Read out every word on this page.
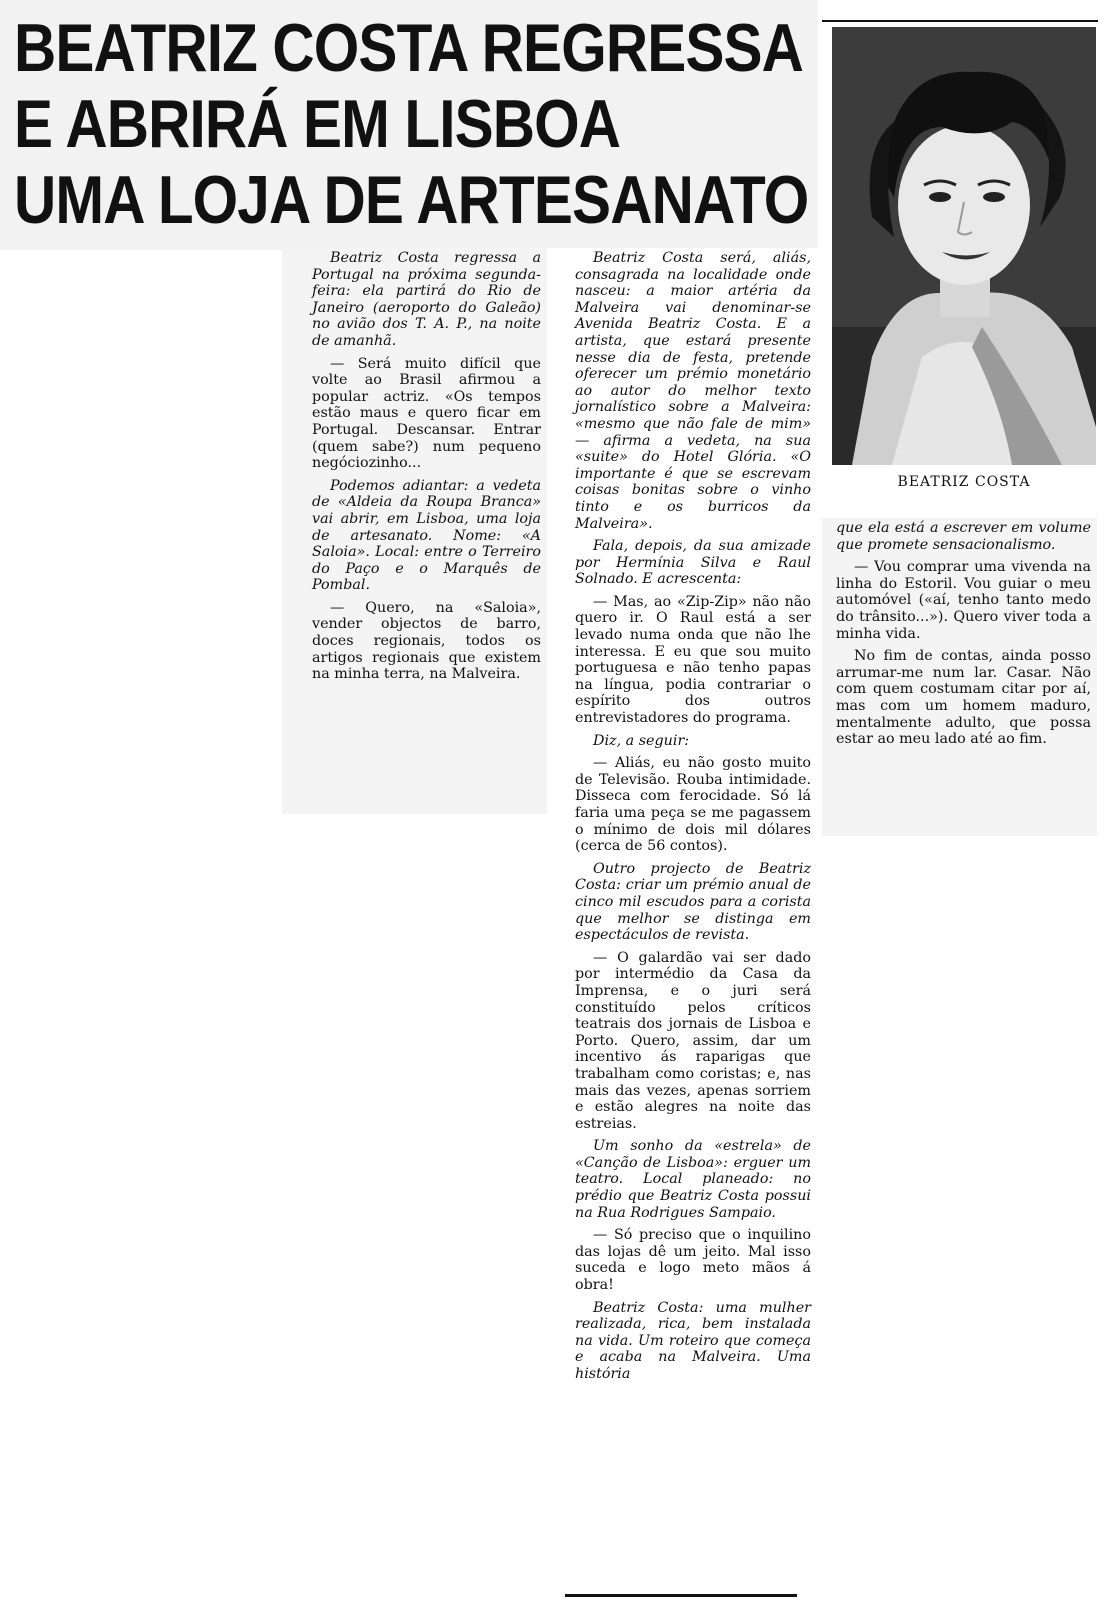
BEATRIZ COSTA REGRESSA
E ABRIRÁ EM LISBOA
UMA LOJA DE ARTESANATO
BEATRIZ COSTA

Beatriz Costa regressa a Portugal na próxima segunda-feira: ela partirá do Rio de Janeiro (aeroporto do Galeão) no avião dos T. A. P., na noite de amanhã.

— Será muito difícil que volte ao Brasil afirmou a popular actriz. «Os tempos estão maus e quero ficar em Portugal. Descansar. Entrar (quem sabe?) num pequeno negóciozinho...

Podemos adiantar: a vedeta de «Aldeia da Roupa Branca» vai abrir, em Lisboa, uma loja de artesanato. Nome: «A Saloia». Local: entre o Terreiro do Paço e o Marquês de Pombal.

— Quero, na «Saloia», vender objectos de barro, doces regionais, todos os artigos regionais que existem na minha terra, na Malveira.

Beatriz Costa será, aliás, consagrada na localidade onde nasceu: a maior artéria da Malveira vai denominar-se Avenida Beatriz Costa. E a artista, que estará presente nesse dia de festa, pretende oferecer um prémio monetário ao autor do melhor texto jornalístico sobre a Malveira: «mesmo que não fale de mim» — afirma a vedeta, na sua «suite» do Hotel Glória. «O importante é que se escrevam coisas bonitas sobre o vinho tinto e os burricos da Malveira».

Fala, depois, da sua amizade por Hermínia Silva e Raul Solnado. E acrescenta:

— Mas, ao «Zip-Zip» não não quero ir. O Raul está a ser levado numa onda que não lhe interessa. E eu que sou muito portuguesa e não tenho papas na língua, podia contrariar o espírito dos outros entrevistadores do programa.

Diz, a seguir:

— Aliás, eu não gosto muito de Televisão. Rouba intimidade. Disseca com ferocidade. Só lá faria uma peça se me pagassem o mínimo de dois mil dólares (cerca de 56 contos).

Outro projecto de Beatriz Costa: criar um prémio anual de cinco mil escudos para a corista que melhor se distinga em espectáculos de revista.

— O galardão vai ser dado por intermédio da Casa da Imprensa, e o juri será constituído pelos críticos teatrais dos jornais de Lisboa e Porto. Quero, assim, dar um incentivo ás raparigas que trabalham como coristas; e, nas mais das vezes, apenas sorriem e estão alegres na noite das estreias.

Um sonho da «estrela» de «Canção de Lisboa»: erguer um teatro. Local planeado: no prédio que Beatriz Costa possui na Rua Rodrigues Sampaio.

— Só preciso que o inquilino das lojas dê um jeito. Mal isso suceda e logo meto mãos á obra!

Beatriz Costa: uma mulher realizada, rica, bem instalada na vida. Um roteiro que começa e acaba na Malveira. Uma história

que ela está a escrever em volume que promete sensacionalismo.

— Vou comprar uma vivenda na linha do Estoril. Vou guiar o meu automóvel («aí, tenho tanto medo do trânsito...»). Quero viver toda a minha vida.

No fim de contas, ainda posso arrumar-me num lar. Casar. Não com quem costumam citar por aí, mas com um homem maduro, mentalmente adulto, que possa estar ao meu lado até ao fim.
